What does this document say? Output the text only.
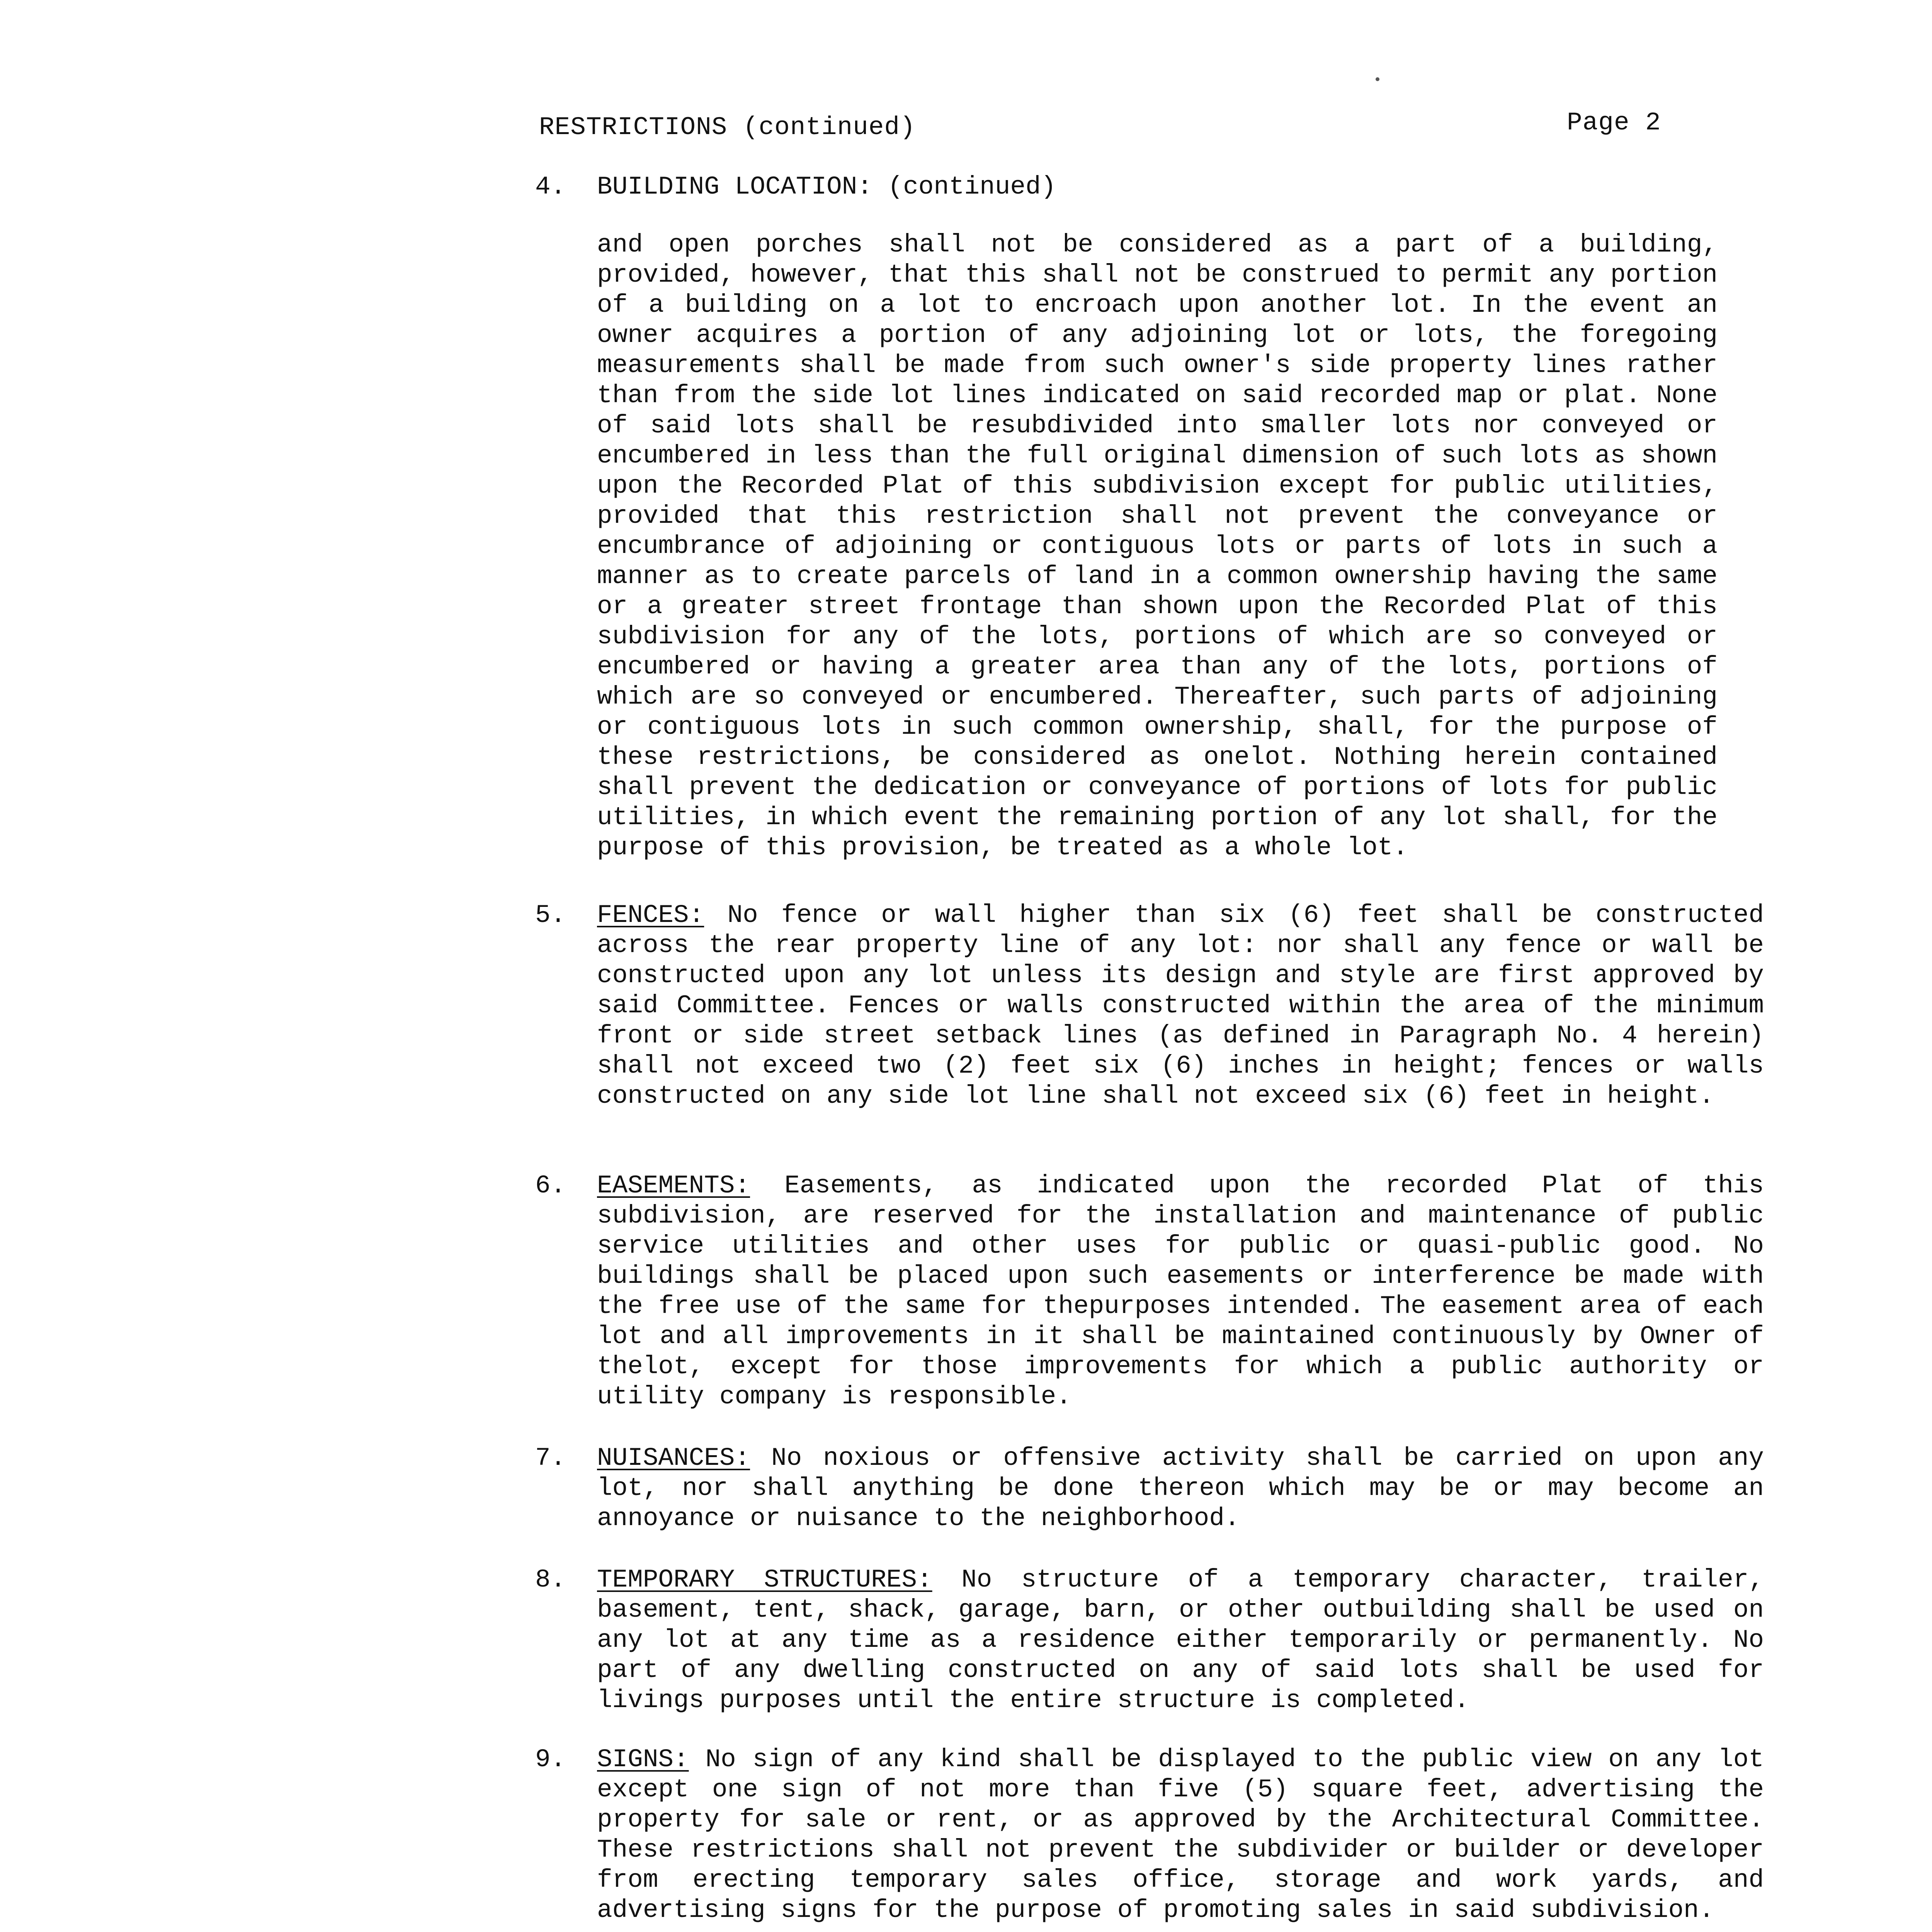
RESTRICTIONS (continued)	Page 2
4. BUILDING LOCATION: (continued)
and open porches shall not be considered as a part of a building, provided, however, that this shall not be construed to permit any portion of a building on a lot to encroach upon another lot. In the event an owner acquires a portion of any adjoining lot or lots, the foregoing measurements shall be made from such owner's side property lines rather than from the side lot lines indicated on said recorded map or plat. None of said lots shall be resubdivided into smaller lots nor conveyed or encumbered in less than the full original dimension of such lots as shown upon the Recorded Plat of this subdivision except for public utilities, provided that this restriction shall not prevent the conveyance or encumbrance of adjoining or contiguous lots or parts of lots in such a manner as to create parcels of land in a common ownership having the same or a greater street frontage than shown upon the Recorded Plat of this subdivision for any of the lots, portions of which are so conveyed or encumbered or having a greater area than any of the lots, portions of which are so conveyed or encumbered. Thereafter, such parts of adjoining or contiguous lots in such common ownership, shall, for the purpose of these restrictions, be considered as onelot. Nothing herein contained shall prevent the dedication or conveyance of portions of lots for public utilities, in which event the remaining portion of any lot shall, for the purpose of this provision, be treated as a whole lot.
5. FENCES: No fence or wall higher than six (6) feet shall be constructed across the rear property line of any lot: nor shall any fence or wall be constructed upon any lot unless its design and style are first approved by said Committee. Fences or walls constructed within the area of the minimum front or side street setback lines (as defined in Paragraph No. 4 herein) shall not exceed two (2) feet six (6) inches in height; fences or walls constructed on any side lot line shall not exceed six (6) feet in height.
6. EASEMENTS: Easements, as indicated upon the recorded Plat of this subdivision, are reserved for the installation and maintenance of public service utilities and other uses for public or quasi-public good. No buildings shall be placed upon such easements or interference be made with the free use of the same for thepurposes intended. The easement area of each lot and all improvements in it shall be maintained continuously by Owner of thelot, except for those improvements for which a public authority or utility company is responsible.
7. NUISANCES: No noxious or offensive activity shall be carried on upon any lot, nor shall anything be done thereon which may be or may become an annoyance or nuisance to the neighborhood.
8. TEMPORARY STRUCTURES: No structure of a temporary character, trailer, basement, tent, shack, garage, barn, or other outbuilding shall be used on any lot at any time as a residence either temporarily or permanently. No part of any dwelling constructed on any of said lots shall be used for livings purposes until the entire structure is completed.
9. SIGNS: No sign of any kind shall be displayed to the public view on any lot except one sign of not more than five (5) square feet, advertising the property for sale or rent, or as approved by the Architectural Committee. These restrictions shall not prevent the subdivider or builder or developer from erecting temporary sales office, storage and work yards, and advertising signs for the purpose of promoting sales in said subdivision.
